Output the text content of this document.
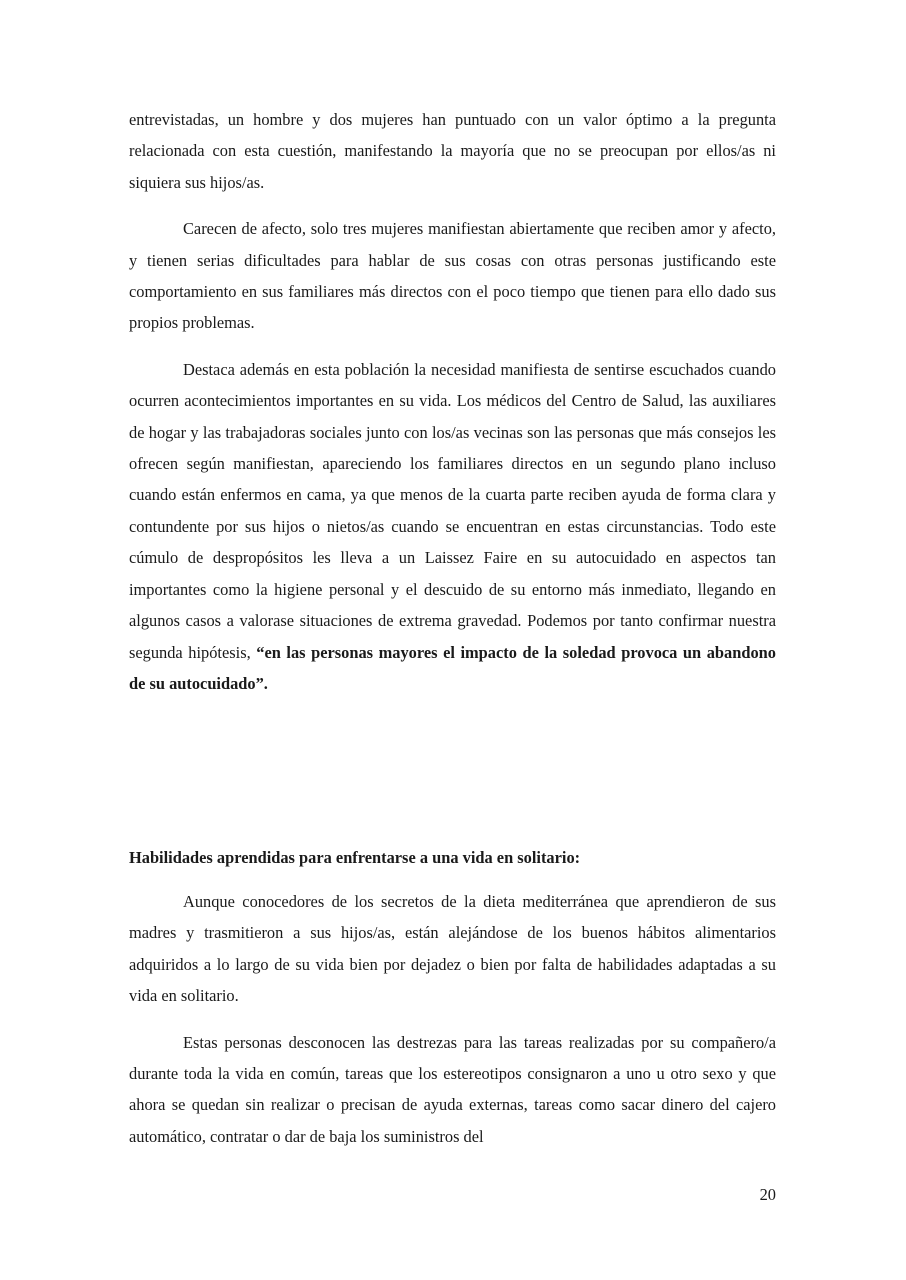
entrevistadas, un hombre y dos mujeres han puntuado con un valor óptimo a la pregunta relacionada con esta cuestión, manifestando la mayoría que no se preocupan por ellos/as ni siquiera sus hijos/as.

Carecen de afecto, solo tres mujeres manifiestan abiertamente que reciben amor y afecto, y tienen serias dificultades para hablar de sus cosas con otras personas justificando este comportamiento en sus familiares más directos con el poco tiempo que tienen para ello dado sus propios problemas.

Destaca además en esta población la necesidad manifiesta de sentirse escuchados cuando ocurren acontecimientos importantes en su vida. Los médicos del Centro de Salud, las auxiliares de hogar y las trabajadoras sociales junto con los/as vecinas son las personas que más consejos les ofrecen según manifiestan, apareciendo los familiares directos en un segundo plano incluso cuando están enfermos en cama, ya que menos de la cuarta parte reciben ayuda de forma clara y contundente por sus hijos o nietos/as cuando se encuentran en estas circunstancias. Todo este cúmulo de despropósitos les lleva a un Laissez Faire en su autocuidado en aspectos tan importantes como la higiene personal y el descuido de su entorno más inmediato, llegando en algunos casos a valorase situaciones de extrema gravedad. Podemos por tanto confirmar nuestra segunda hipótesis, “en las personas mayores el impacto de la soledad provoca un abandono de su autocuidado”.

Habilidades aprendidas para enfrentarse a una vida en solitario:

Aunque conocedores de los secretos de la dieta mediterránea que aprendieron de sus madres y trasmitieron a sus hijos/as, están alejándose de los buenos hábitos alimentarios adquiridos a lo largo de su vida bien por dejadez o bien por falta de habilidades adaptadas a su vida en solitario.

Estas personas desconocen las destrezas para las tareas realizadas por su compañero/a durante toda la vida en común, tareas que los estereotipos consignaron a uno u otro sexo y que ahora se quedan sin realizar o precisan de ayuda externas, tareas como sacar dinero del cajero automático, contratar o dar de baja los suministros del

20
